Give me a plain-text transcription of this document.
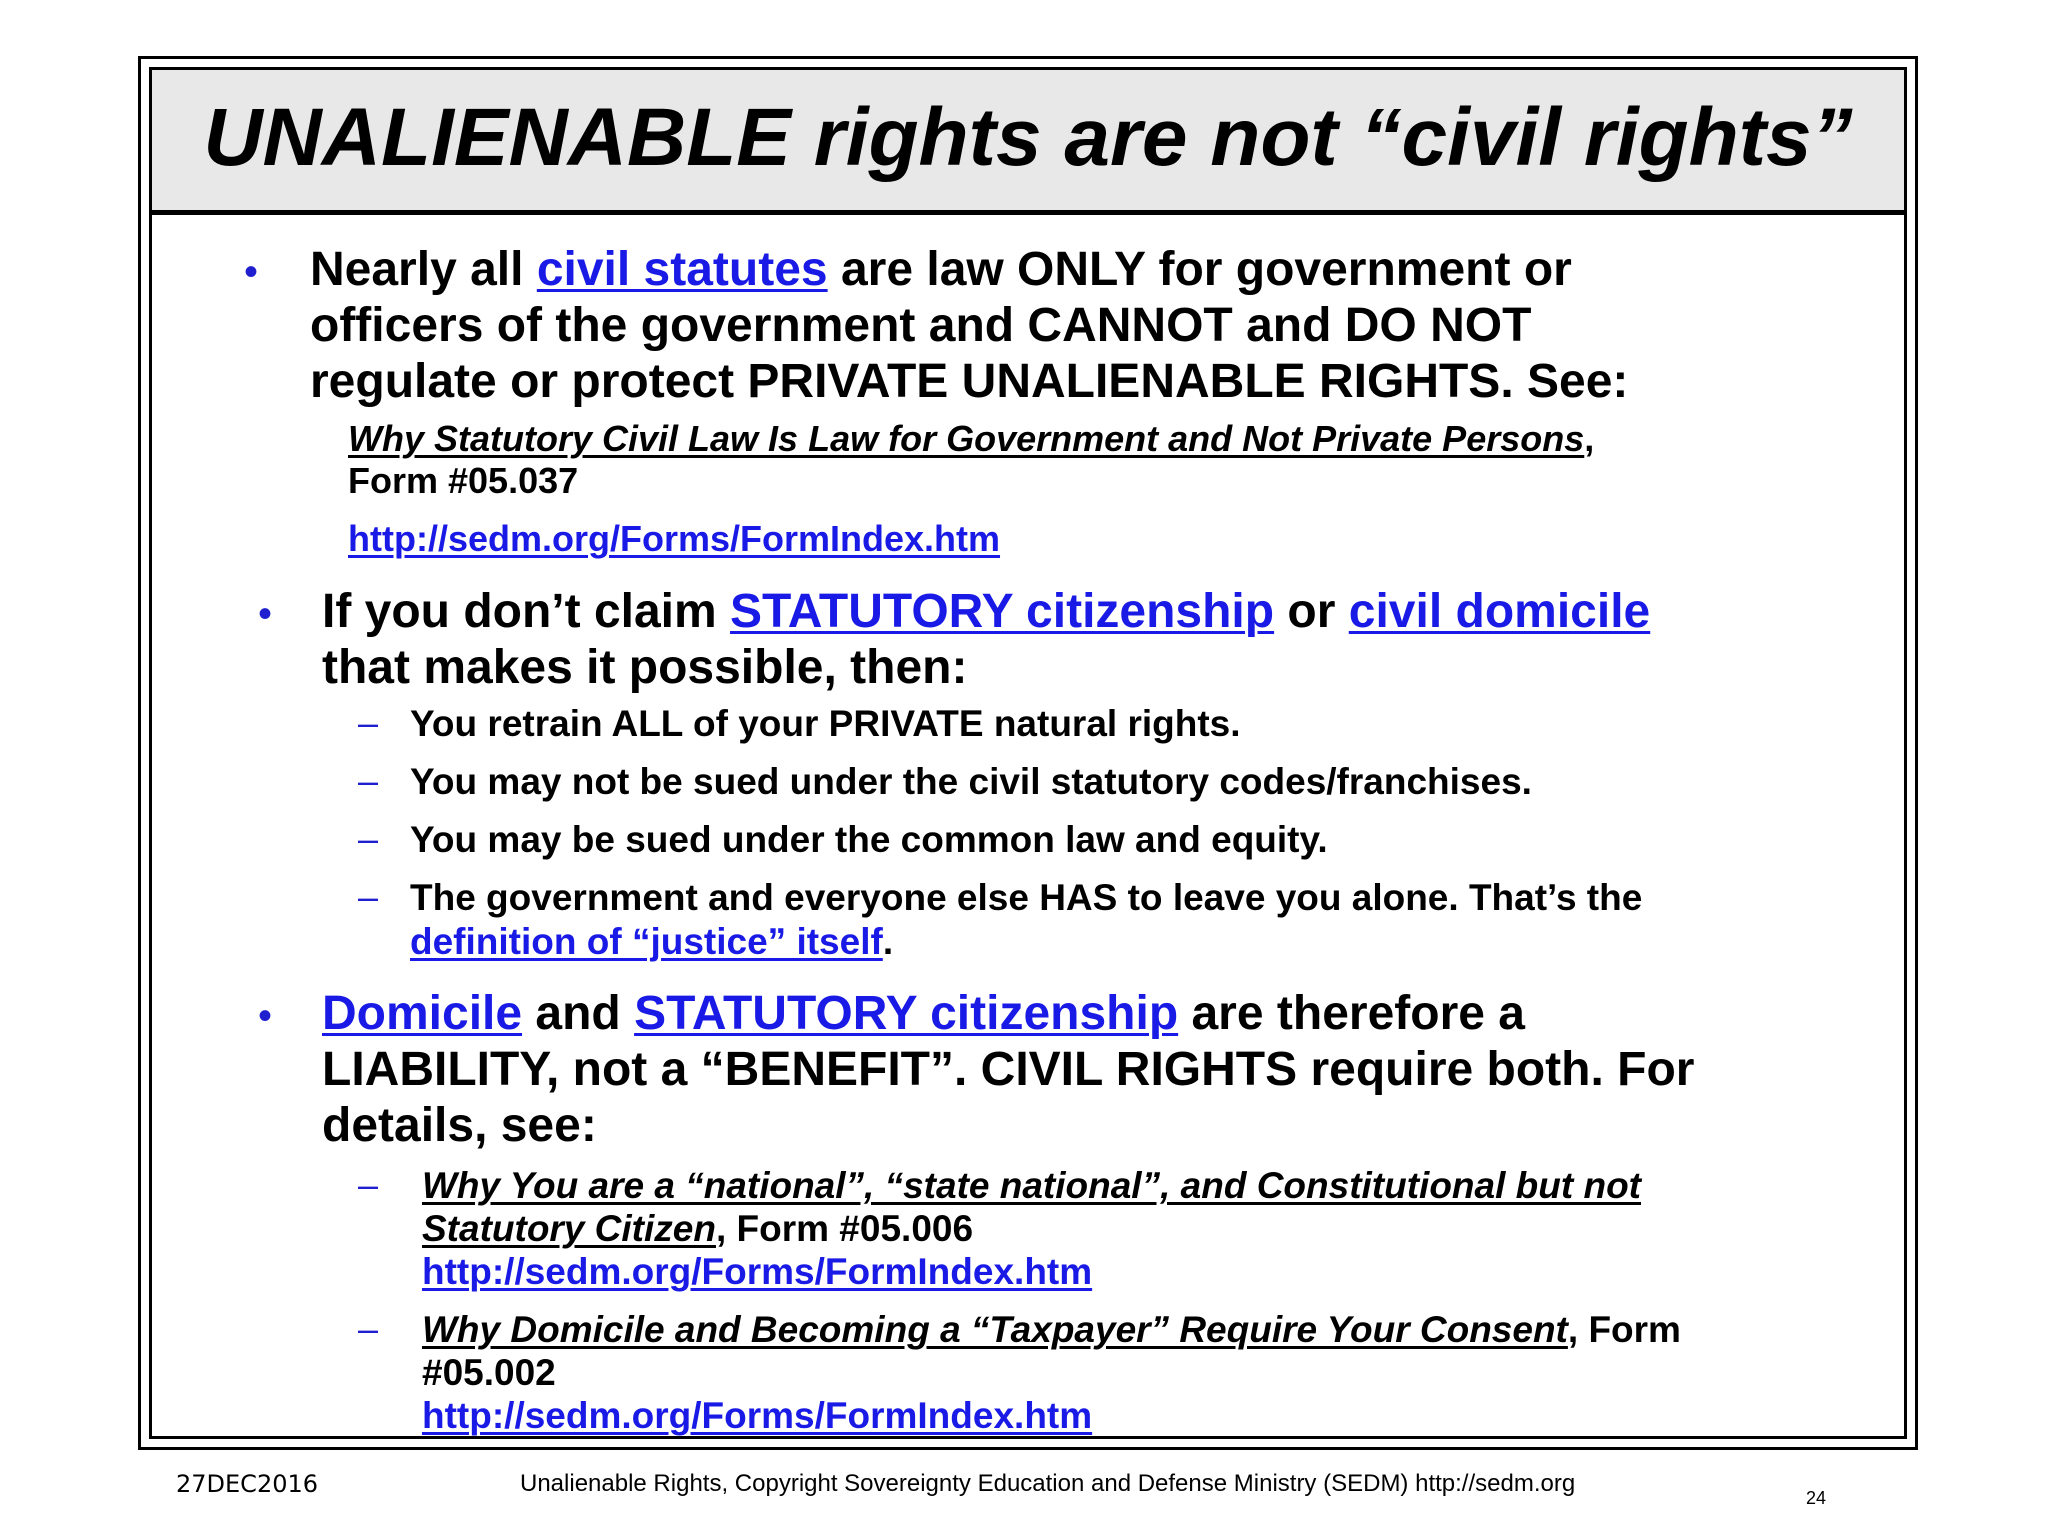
UNALIENABLE rights are not “civil rights”
• Nearly all civil statutes are law ONLY for government or
officers of the government and CANNOT and DO NOT
regulate or protect PRIVATE UNALIENABLE RIGHTS. See:
Why Statutory Civil Law Is Law for Government and Not Private Persons,
Form #05.037
http://sedm.org/Forms/FormIndex.htm
• If you don’t claim STATUTORY citizenship or civil domicile
that makes it possible, then:
– You retrain ALL of your PRIVATE natural rights.
– You may not be sued under the civil statutory codes/franchises.
– You may be sued under the common law and equity.
– The government and everyone else HAS to leave you alone. That’s the
definition of “justice” itself.
• Domicile and STATUTORY citizenship are therefore a
LIABILITY, not a “BENEFIT”. CIVIL RIGHTS require both. For
details, see:
– Why You are a “national”, “state national”, and Constitutional but not
Statutory Citizen, Form #05.006
http://sedm.org/Forms/FormIndex.htm
– Why Domicile and Becoming a “Taxpayer” Require Your Consent, Form
#05.002
http://sedm.org/Forms/FormIndex.htm
27DEC2016	Unalienable Rights, Copyright Sovereignty Education and Defense Ministry (SEDM) http://sedm.org
24
